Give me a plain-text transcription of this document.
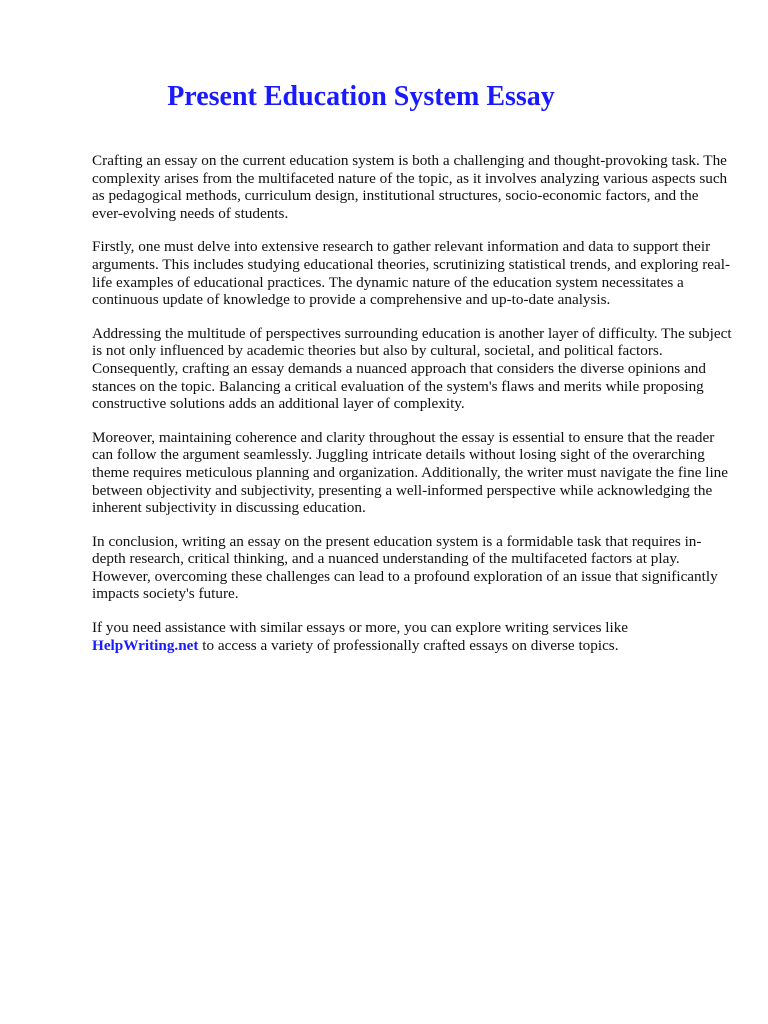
Present Education System Essay

Crafting an essay on the current education system is both a challenging and thought-provoking task. The complexity arises from the multifaceted nature of the topic, as it involves analyzing various aspects such as pedagogical methods, curriculum design, institutional structures, socio-economic factors, and the ever-evolving needs of students.

Firstly, one must delve into extensive research to gather relevant information and data to support their arguments. This includes studying educational theories, scrutinizing statistical trends, and exploring real-life examples of educational practices. The dynamic nature of the education system necessitates a continuous update of knowledge to provide a comprehensive and up-to-date analysis.

Addressing the multitude of perspectives surrounding education is another layer of difficulty. The subject is not only influenced by academic theories but also by cultural, societal, and political factors. Consequently, crafting an essay demands a nuanced approach that considers the diverse opinions and stances on the topic. Balancing a critical evaluation of the system's flaws and merits while proposing constructive solutions adds an additional layer of complexity.

Moreover, maintaining coherence and clarity throughout the essay is essential to ensure that the reader can follow the argument seamlessly. Juggling intricate details without losing sight of the overarching theme requires meticulous planning and organization. Additionally, the writer must navigate the fine line between objectivity and subjectivity, presenting a well-informed perspective while acknowledging the inherent subjectivity in discussing education.

In conclusion, writing an essay on the present education system is a formidable task that requires in-depth research, critical thinking, and a nuanced understanding of the multifaceted factors at play. However, overcoming these challenges can lead to a profound exploration of an issue that significantly impacts society's future.

If you need assistance with similar essays or more, you can explore writing services like HelpWriting.net to access a variety of professionally crafted essays on diverse topics.
